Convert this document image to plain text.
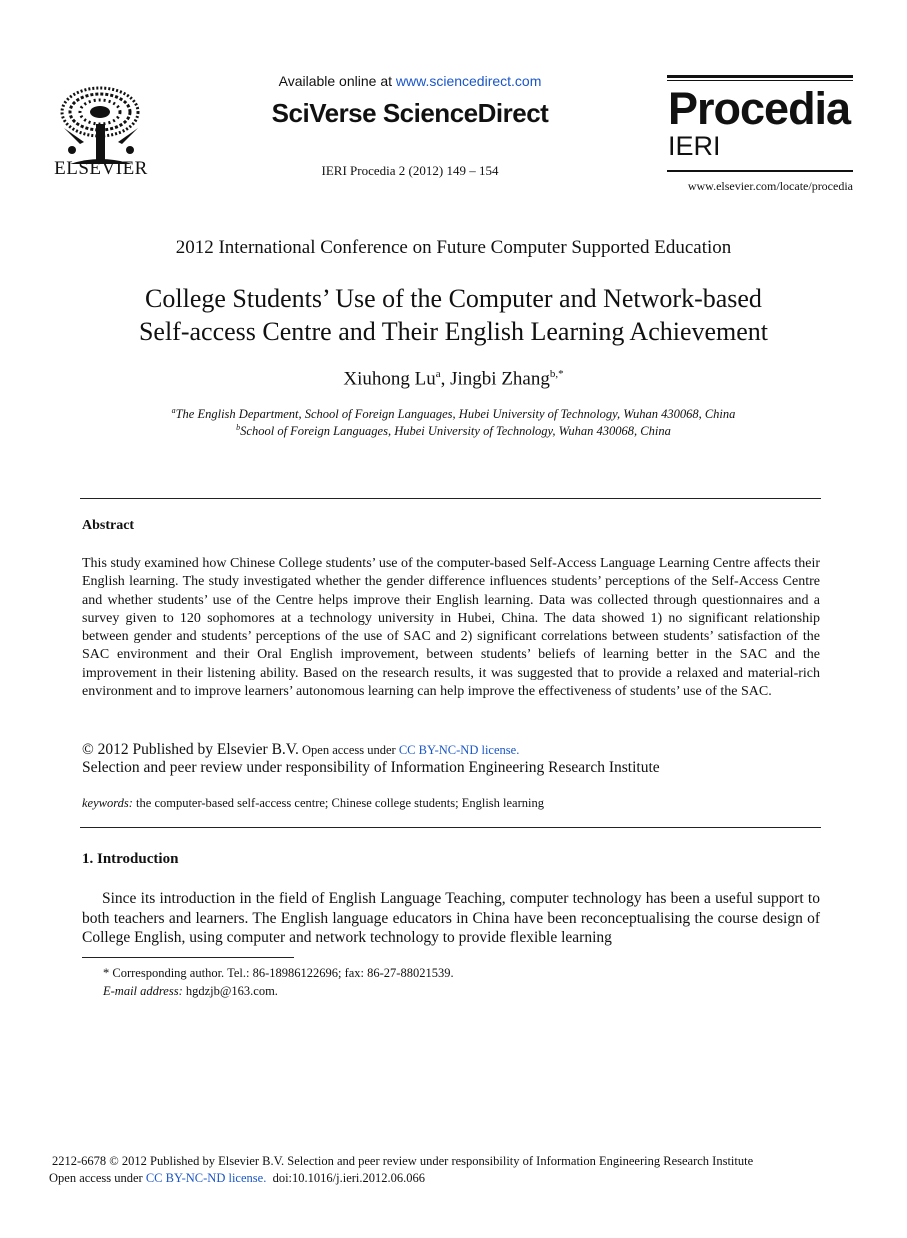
ELSEVIER
Available online at www.sciencedirect.com
SciVerse ScienceDirect
IERI Procedia 2 (2012) 149 – 154
Procedia
IERI
www.elsevier.com/locate/procedia
2012 International Conference on Future Computer Supported Education
College Students’ Use of the Computer and Network-based
Self-access Centre and Their English Learning Achievement
Xiuhong Lu$^a$, Jingbi Zhang$^{b,*}$
$^a$The English Department, School of Foreign Languages, Hubei University of Technology, Wuhan 430068, China
$^b$School of Foreign Languages, Hubei University of Technology, Wuhan 430068, China
Abstract

This study examined how Chinese College students’ use of the computer-based Self-Access Language Learning Centre affects their English learning. The study investigated whether the gender difference influences students’ perceptions of the Self-Access Centre and whether students’ use of the Centre helps improve their English learning. Data was collected through questionnaires and a survey given to 120 sophomores at a technology university in Hubei, China. The data showed 1) no significant relationship between gender and students’ perceptions of the use of SAC and 2) significant correlations between students’ satisfaction of the SAC environment and their Oral English improvement, between students’ beliefs of learning better in the SAC and the improvement in their listening ability. Based on the research results, it was suggested that to provide a relaxed and material-rich environment and to improve learners’ autonomous learning can help improve the effectiveness of students’ use of the SAC.

© 2012 Published by Elsevier B.V. Open access under CC BY-NC-ND license.
Selection and peer review under responsibility of Information Engineering Research Institute
keywords: the computer-based self-access centre; Chinese college students; English learning
1. Introduction

Since its introduction in the field of English Language Teaching, computer technology has been a useful support to both teachers and learners. The English language educators in China have been reconceptualising the course design of College English, using computer and network technology to provide flexible learning

* Corresponding author. Tel.: 86-18986122696; fax: 86-27-88021539.
E-mail address: hgdzjb@163.com.
2212-6678 © 2012 Published by Elsevier B.V. Selection and peer review under responsibility of Information Engineering Research Institute
Open access under CC BY-NC-ND license.  doi:10.1016/j.ieri.2012.06.066
